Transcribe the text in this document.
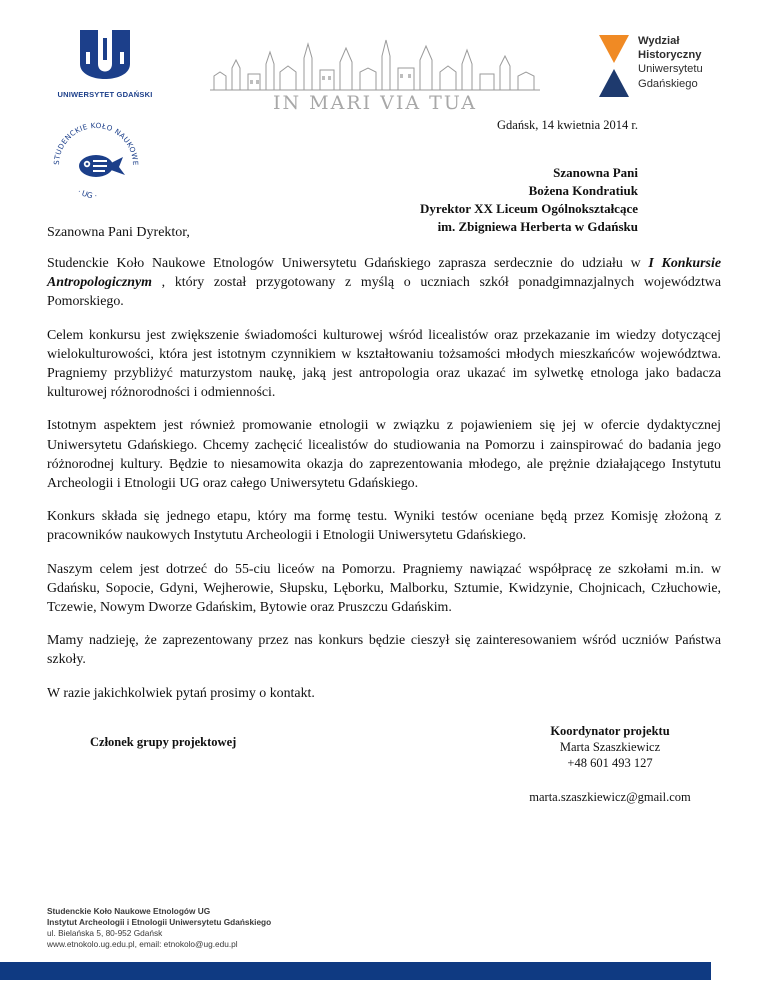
UNIWERSYTET GDAŃSKI	IN MARI VIA TUA
Wydział
Historyczny
Uniwersytetu
Gdańskiego
STUDENCKIE KOŁO NAUKOWE
· UG ·
Gdańsk, 14 kwietnia 2014 r.
Szanowna Pani
Bożena Kondratiuk
Dyrektor XX Liceum Ogólnokształcące
im. Zbigniewa Herberta w Gdańsku
Szanowna Pani Dyrektor,

Studenckie Koło Naukowe Etnologów Uniwersytetu Gdańskiego zaprasza serdecznie do udziału w I Konkursie Antropologicznym , który został przygotowany z myślą o uczniach szkół ponadgimnazjalnych województwa Pomorskiego.

Celem konkursu jest zwiększenie świadomości kulturowej wśród licealistów oraz przekazanie im wiedzy dotyczącej wielokulturowości, która jest istotnym czynnikiem w kształtowaniu tożsamości młodych mieszkańców województwa. Pragniemy przybliżyć maturzystom naukę, jaką jest antropologia oraz ukazać im sylwetkę etnologa jako badacza kulturowej różnorodności i odmienności.

Istotnym aspektem jest również promowanie etnologii w związku z pojawieniem się jej w ofercie dydaktycznej Uniwersytetu Gdańskiego. Chcemy zachęcić licealistów do studiowania na Pomorzu i zainspirować do badania jego różnorodnej kultury. Będzie to niesamowita okazja do zaprezentowania młodego, ale prężnie działającego Instytutu Archeologii i Etnologii UG oraz całego Uniwersytetu Gdańskiego.

Konkurs składa się jednego etapu, który ma formę testu. Wyniki testów oceniane będą przez Komisję złożoną z pracowników naukowych Instytutu Archeologii i Etnologii Uniwersytetu Gdańskiego.

Naszym celem jest dotrzeć do 55-ciu liceów na Pomorzu. Pragniemy nawiązać współpracę ze szkołami m.in. w Gdańsku, Sopocie, Gdyni, Wejherowie, Słupsku, Lęborku, Malborku, Sztumie, Kwidzynie, Chojnicach, Człuchowie, Tczewie, Nowym Dworze Gdańskim, Bytowie oraz Pruszczu Gdańskim.

Mamy nadzieję, że zaprezentowany przez nas konkurs będzie cieszył się zainteresowaniem wśród uczniów Państwa szkoły.

W razie jakichkolwiek pytań prosimy o kontakt.

Członek grupy projektowej
Koordynator projektu
Marta Szaszkiewicz
+48 601 493 127
marta.szaszkiewicz@gmail.com
Studenckie Koło Naukowe Etnologów UG
Instytut Archeologii i Etnologii Uniwersytetu Gdańskiego
ul. Bielańska 5, 80-952 Gdańsk
www.etnokolo.ug.edu.pl, email: etnokolo@ug.edu.pl
